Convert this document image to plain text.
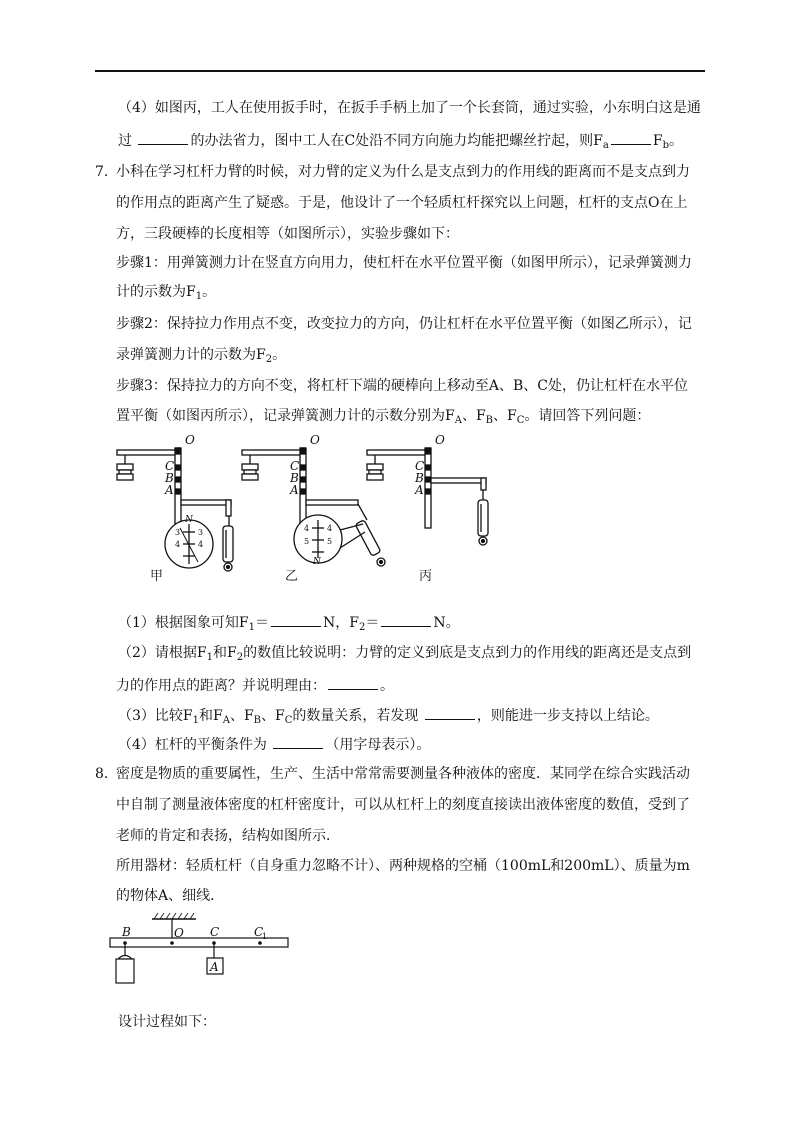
（4）如图丙，工人在使用扳手时，在扳手手柄上加了一个长套筒，通过实验，小东明白这是通
过	的办法省力，图中工人在C处沿不同方向施力均能把螺丝拧起，则$F_a$	$F_b$。
7. 小科在学习杠杆力臂的时候，对力臂的定义为什么是支点到力的作用线的距离而不是支点到力
的作用点的距离产生了疑惑。于是，他设计了一个轻质杠杆探究以上问题，杠杆的支点O在上
方，三段硬棒的长度相等（如图所示），实验步骤如下：
步骤1：用弹簧测力计在竖直方向用力，使杠杆在水平位置平衡（如图甲所示），记录弹簧测力
计的示数为$F_1$。
步骤2：保持拉力作用点不变，改变拉力的方向，仍让杠杆在水平位置平衡（如图乙所示），记
录弹簧测力计的示数为$F_2$。
步骤3：保持拉力的方向不变，将杠杆下端的硬棒向上移动至A、B、C处，仍让杠杆在水平位
置平衡（如图丙所示），记录弹簧测力计的示数分别为$F_A$、$F_B$、$F_C$。请回答下列问题：
O
C
B
A
O
C
B
A
O
C
B
A
N
N
3 3
4 4
4 4
5 5
甲	乙	丙
（1）根据图象可知$F_1=$	N，$F_2=$	N。
（2）请根据$F_1$和$F_2$的数值比较说明：力臂的定义到底是支点到力的作用线的距离还是支点到
力的作用点的距离？并说明理由：	。
（3）比较$F_1$和$F_A$、$F_B$、$F_C$的数量关系，若发现	，则能进一步支持以上结论。
（4）杠杆的平衡条件为	（用字母表示）。
8. 密度是物质的重要属性，生产、生活中常常需要测量各种液体的密度．某同学在综合实践活动
中自制了测量液体密度的杠杆密度计，可以从杠杆上的刻度直接读出液体密度的数值，受到了
老师的肯定和表扬，结构如图所示．
所用器材：轻质杠杆（自身重力忽略不计）、两种规格的空桶（100mL和200mL）、质量为m
的物体A、细线．
B	O C	C
1
A
设计过程如下：
